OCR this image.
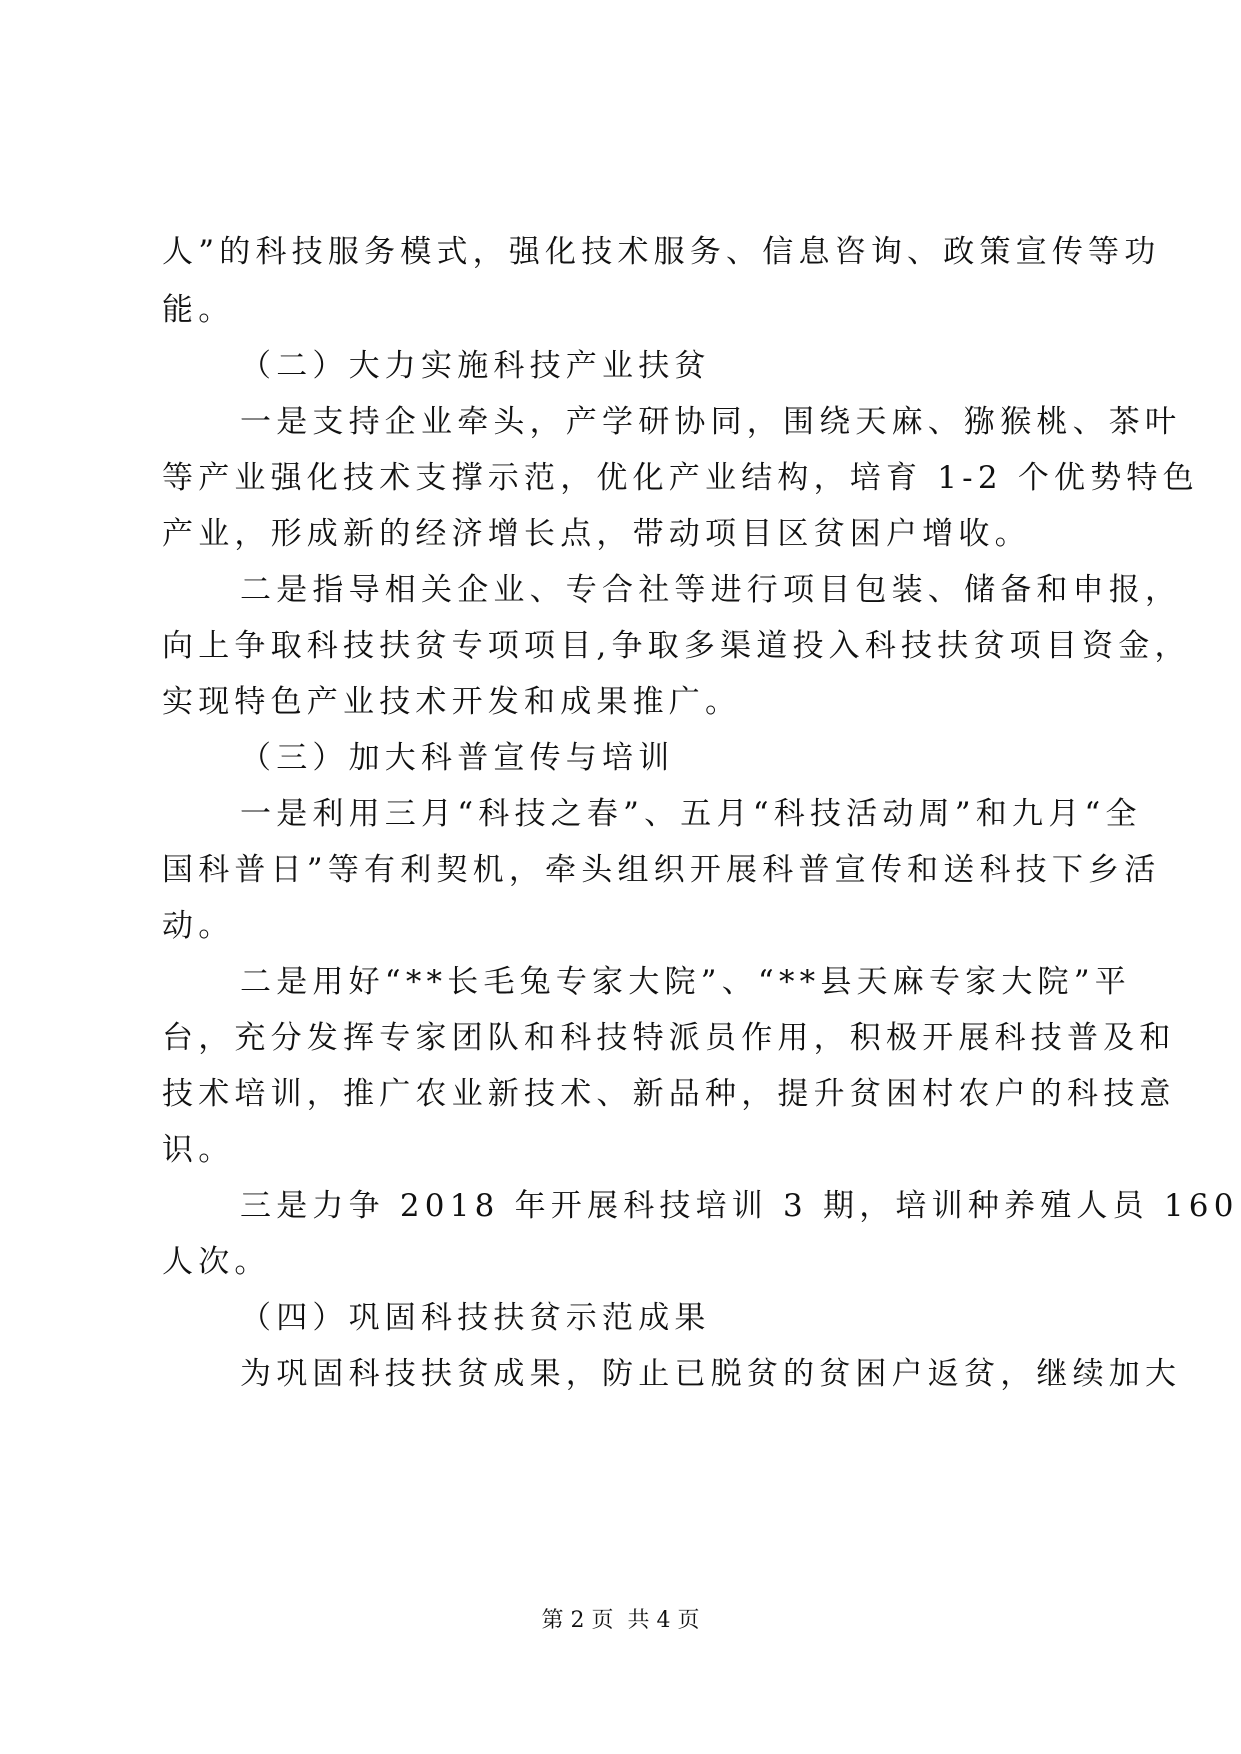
人”的科技服务模式，强化技术服务、信息咨询、政策宣传等功

能。

（二）大力实施科技产业扶贫

一是支持企业牵头，产学研协同，围绕天麻、猕猴桃、茶叶

等产业强化技术支撑示范，优化产业结构，培育 1-2 个优势特色

产业，形成新的经济增长点，带动项目区贫困户增收。

二是指导相关企业、专合社等进行项目包装、储备和申报，

向上争取科技扶贫专项项目,争取多渠道投入科技扶贫项目资金，

实现特色产业技术开发和成果推广。

（三）加大科普宣传与培训

一是利用三月“科技之春”、五月“科技活动周”和九月“全

国科普日”等有利契机，牵头组织开展科普宣传和送科技下乡活

动。

二是用好“**长毛兔专家大院”、“**县天麻专家大院”平

台，充分发挥专家团队和科技特派员作用，积极开展科技普及和

技术培训，推广农业新技术、新品种，提升贫困村农户的科技意

识。

三是力争 2018 年开展科技培训 3 期，培训种养殖人员 160

人次。

（四）巩固科技扶贫示范成果

为巩固科技扶贫成果，防止已脱贫的贫困户返贫，继续加大

第 2 页  共 4 页
